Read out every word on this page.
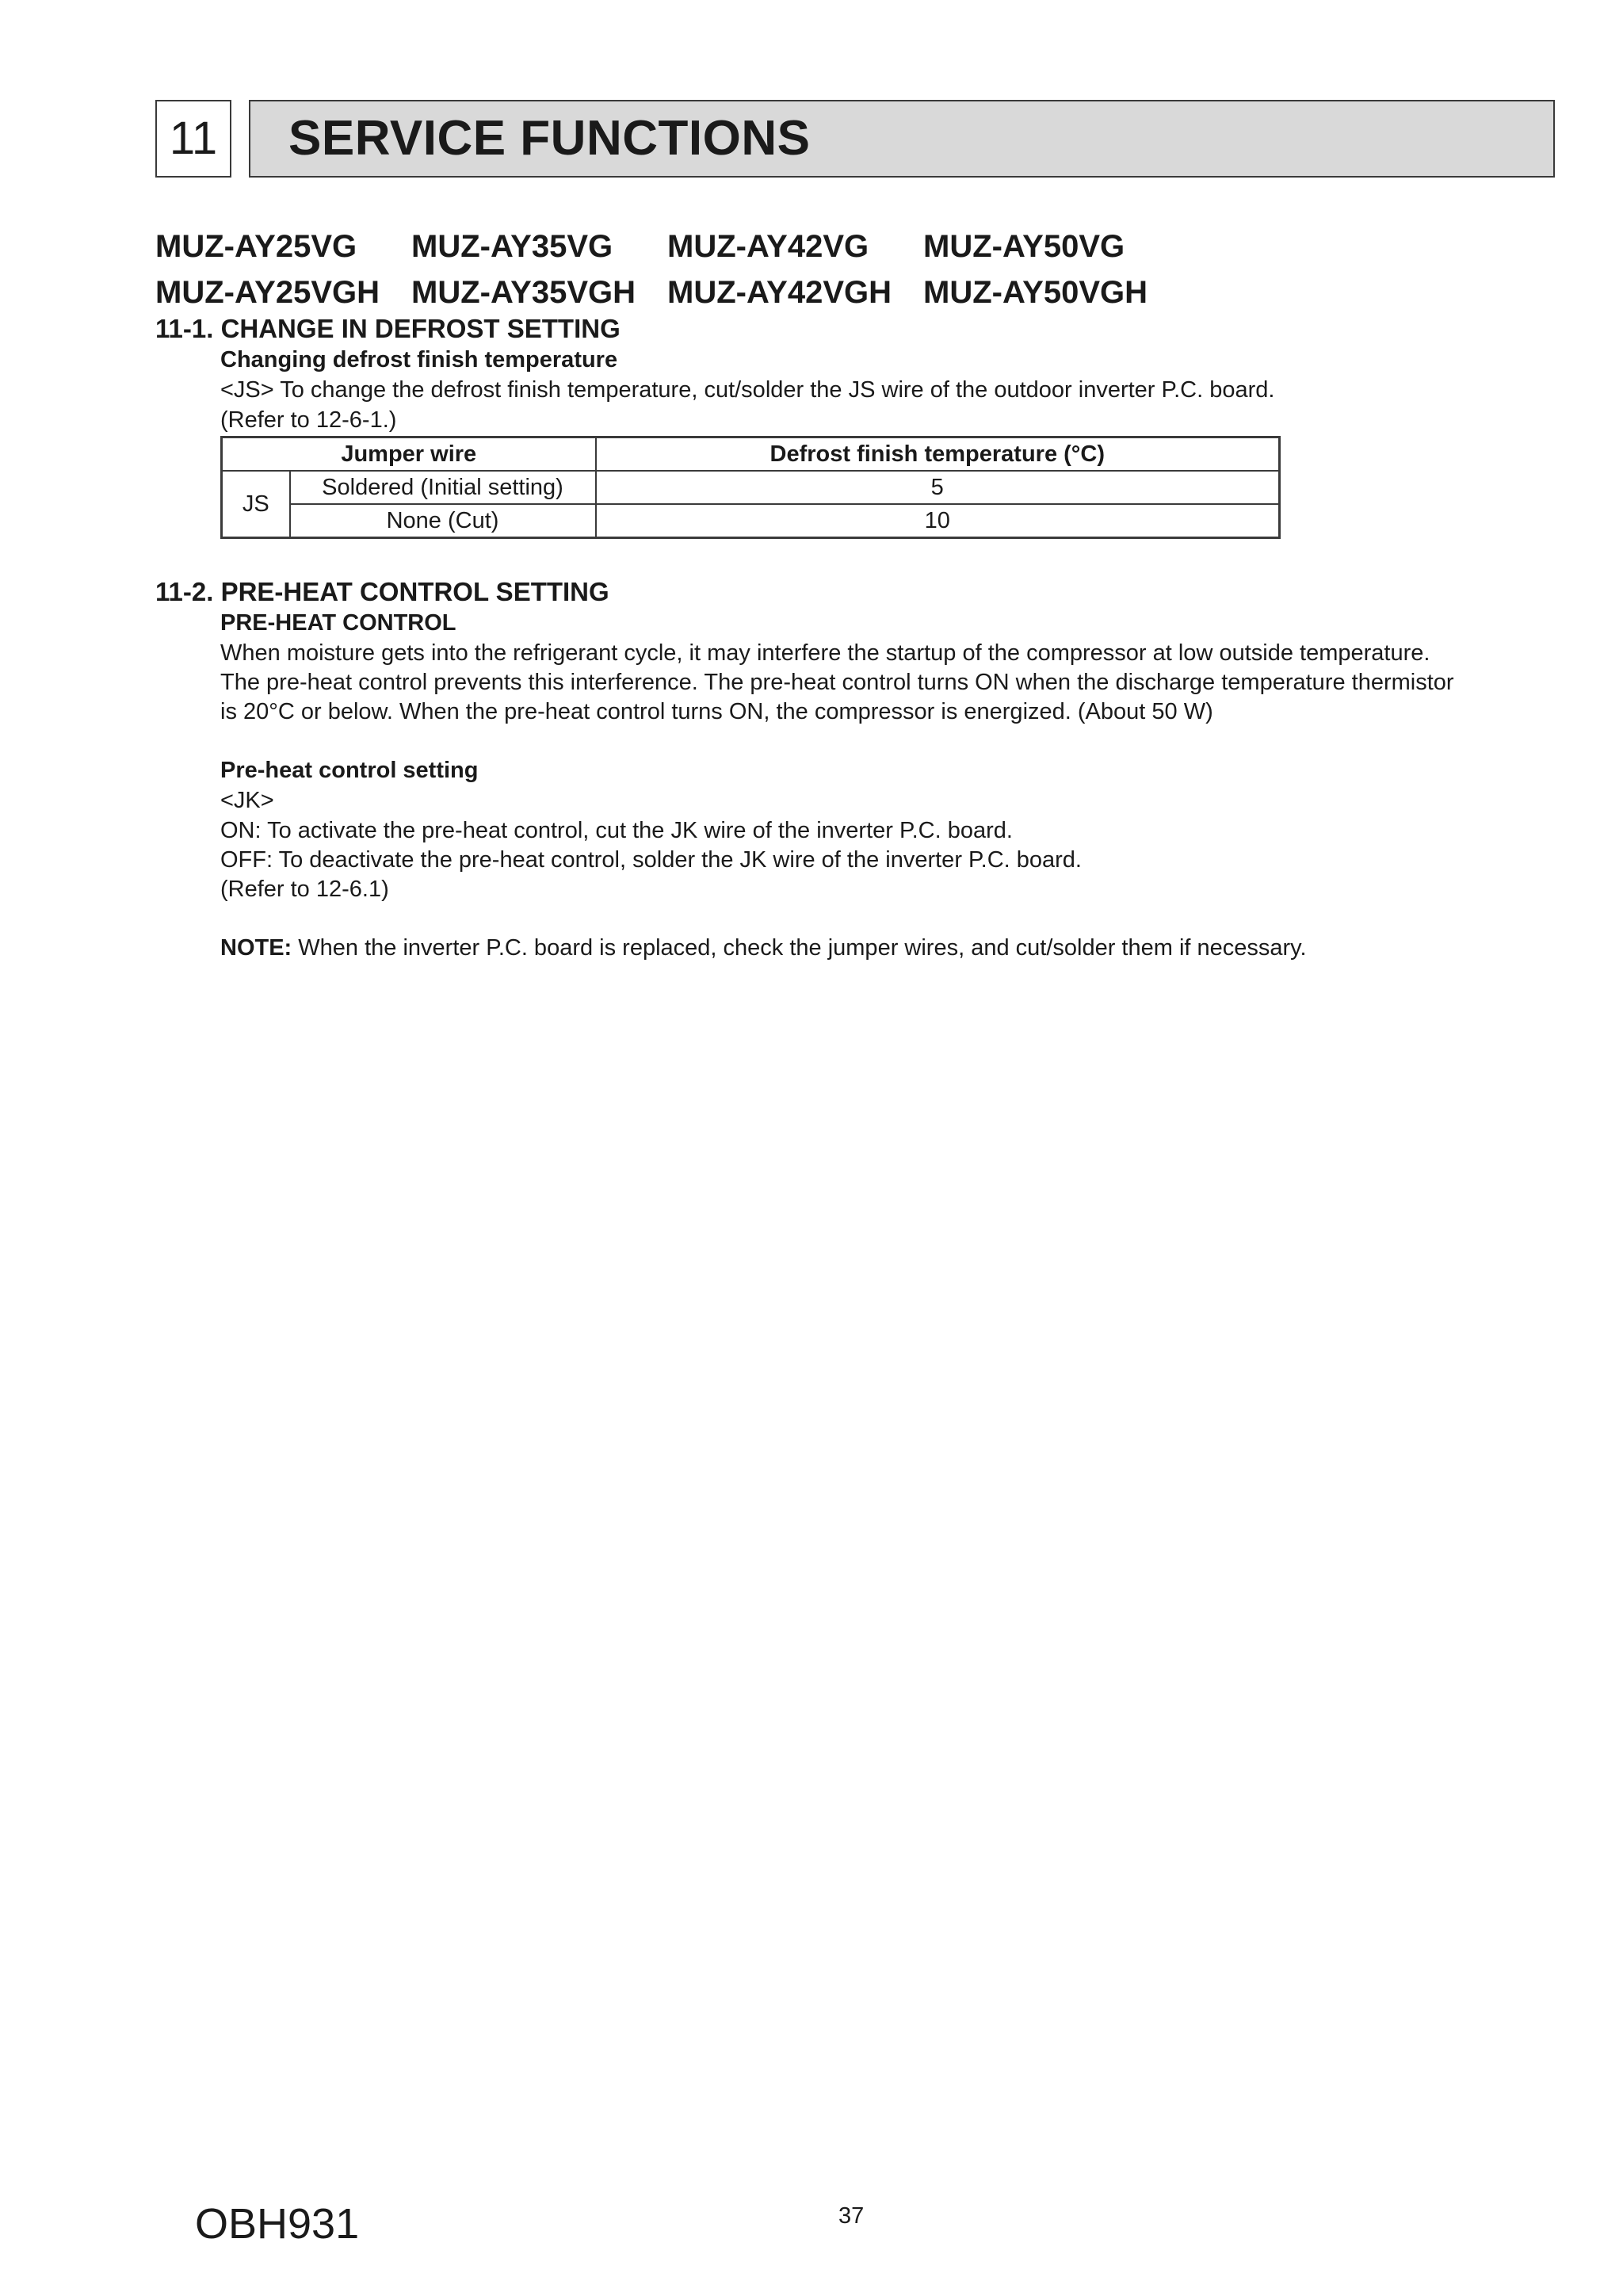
11 SERVICE FUNCTIONS
MUZ-AY25VG	MUZ-AY35VG	MUZ-AY42VG	MUZ-AY50VG
MUZ-AY25VGH MUZ-AY35VGH MUZ-AY42VGH MUZ-AY50VGH
11-1. CHANGE IN DEFROST SETTING
Changing defrost finish temperature
<JS> To change the defrost finish temperature, cut/solder the JS wire of the outdoor inverter P.C. board.
(Refer to 12-6-1.)
Jumper wire		Defrost finish temperature (°C)
JS	Soldered (Initial setting)	5
	None (Cut)	10
11-2. PRE-HEAT CONTROL SETTING
PRE-HEAT CONTROL
When moisture gets into the refrigerant cycle, it may interfere the startup of the compressor at low outside temperature.
The pre-heat control prevents this interference. The pre-heat control turns ON when the discharge temperature thermistor
is 20°C or below. When the pre-heat control turns ON, the compressor is energized. (About 50 W)
Pre-heat control setting
<JK>
ON: To activate the pre-heat control, cut the JK wire of the inverter P.C. board.
OFF: To deactivate the pre-heat control, solder the JK wire of the inverter P.C. board.
(Refer to 12-6.1)
NOTE: When the inverter P.C. board is replaced, check the jumper wires, and cut/solder them if necessary.
OBH931	37
